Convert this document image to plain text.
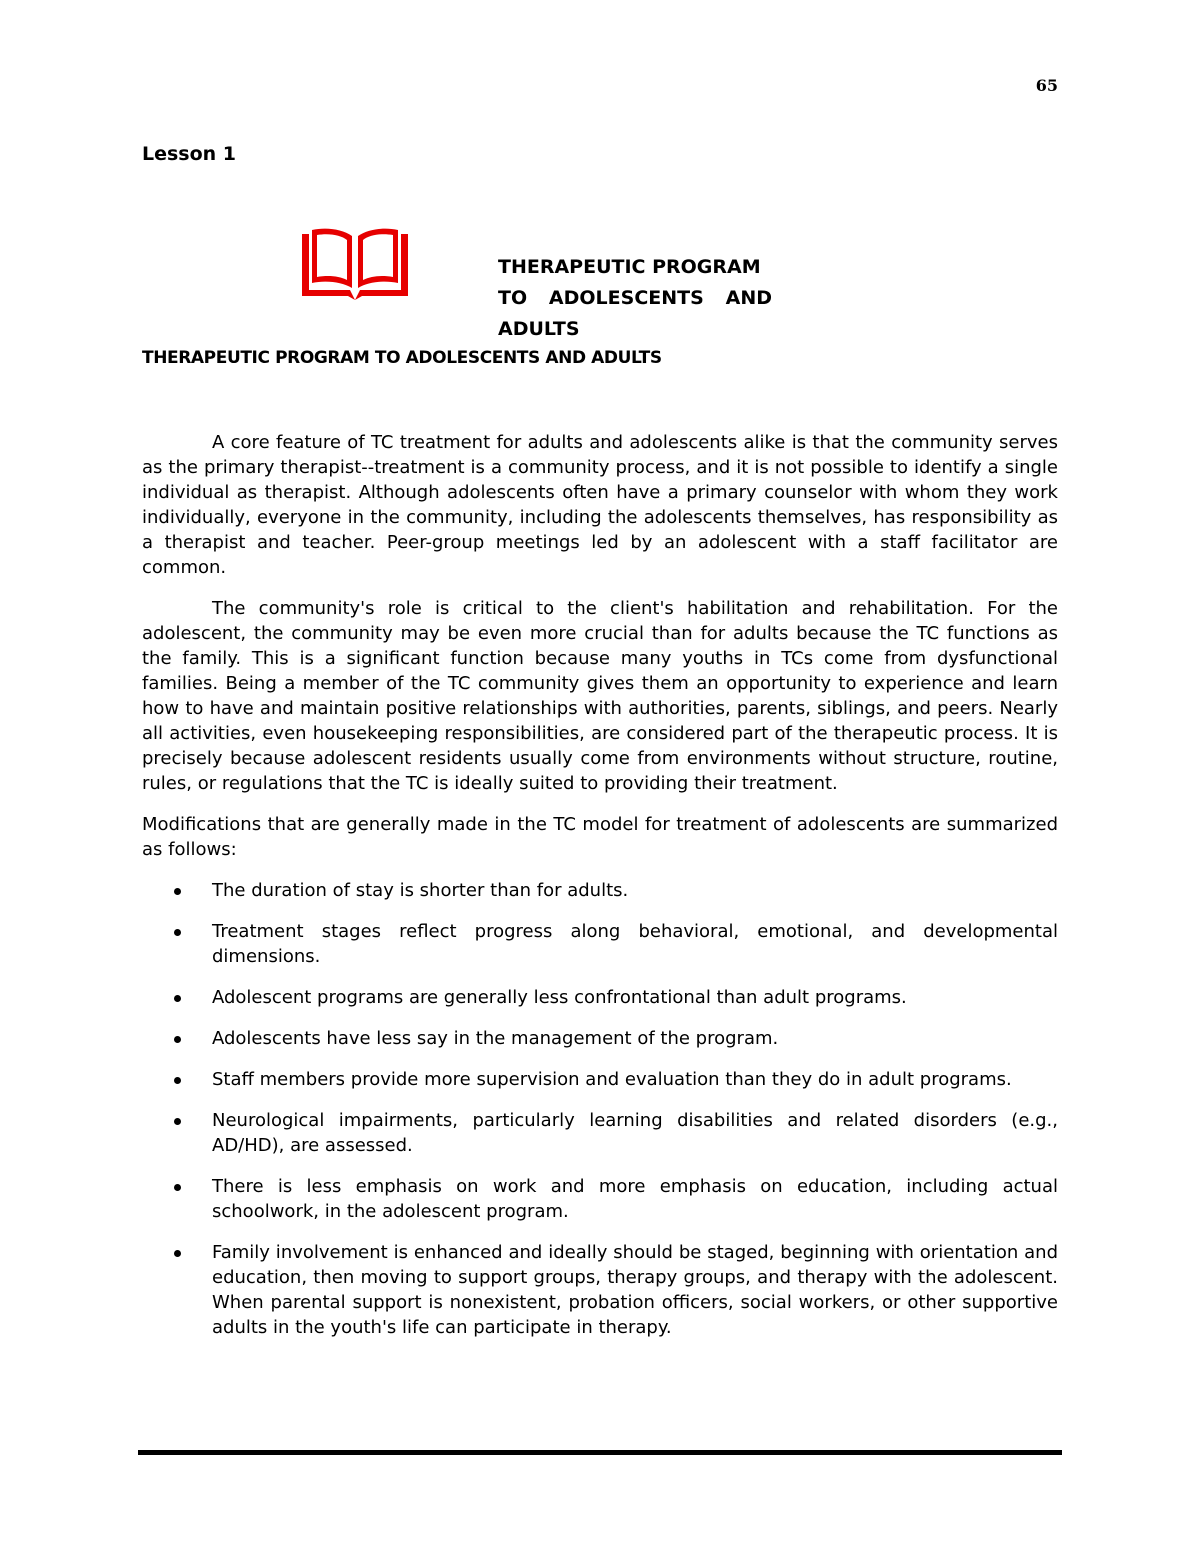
65
Lesson 1
THERAPEUTIC PROGRAM
TO ADOLESCENTS AND
ADULTS
THERAPEUTIC PROGRAM TO ADOLESCENTS AND ADULTS

A core feature of TC treatment for adults and adolescents alike is that the community serves as the primary therapist--treatment is a community process, and it is not possible to identify a single individual as therapist. Although adolescents often have a primary counselor with whom they work individually, everyone in the community, including the adolescents themselves, has responsibility as a therapist and teacher. Peer-group meetings led by an adolescent with a staff facilitator are common.

The community's role is critical to the client's habilitation and rehabilitation. For the adolescent, the community may be even more crucial than for adults because the TC functions as the family. This is a significant function because many youths in TCs come from dysfunctional families. Being a member of the TC community gives them an opportunity to experience and learn how to have and maintain positive relationships with authorities, parents, siblings, and peers. Nearly all activities, even housekeeping responsibilities, are considered part of the therapeutic process. It is precisely because adolescent residents usually come from environments without structure, routine, rules, or regulations that the TC is ideally suited to providing their treatment.

Modifications that are generally made in the TC model for treatment of adolescents are summarized as follows:

The duration of stay is shorter than for adults.
Treatment stages reflect progress along behavioral, emotional, and developmental dimensions.
Adolescent programs are generally less confrontational than adult programs.
Adolescents have less say in the management of the program.
Staff members provide more supervision and evaluation than they do in adult programs.
Neurological impairments, particularly learning disabilities and related disorders (e.g., AD/HD), are assessed.
There is less emphasis on work and more emphasis on education, including actual schoolwork, in the adolescent program.
Family involvement is enhanced and ideally should be staged, beginning with orientation and education, then moving to support groups, therapy groups, and therapy with the adolescent. When parental support is nonexistent, probation officers, social workers, or other supportive adults in the youth's life can participate in therapy.
